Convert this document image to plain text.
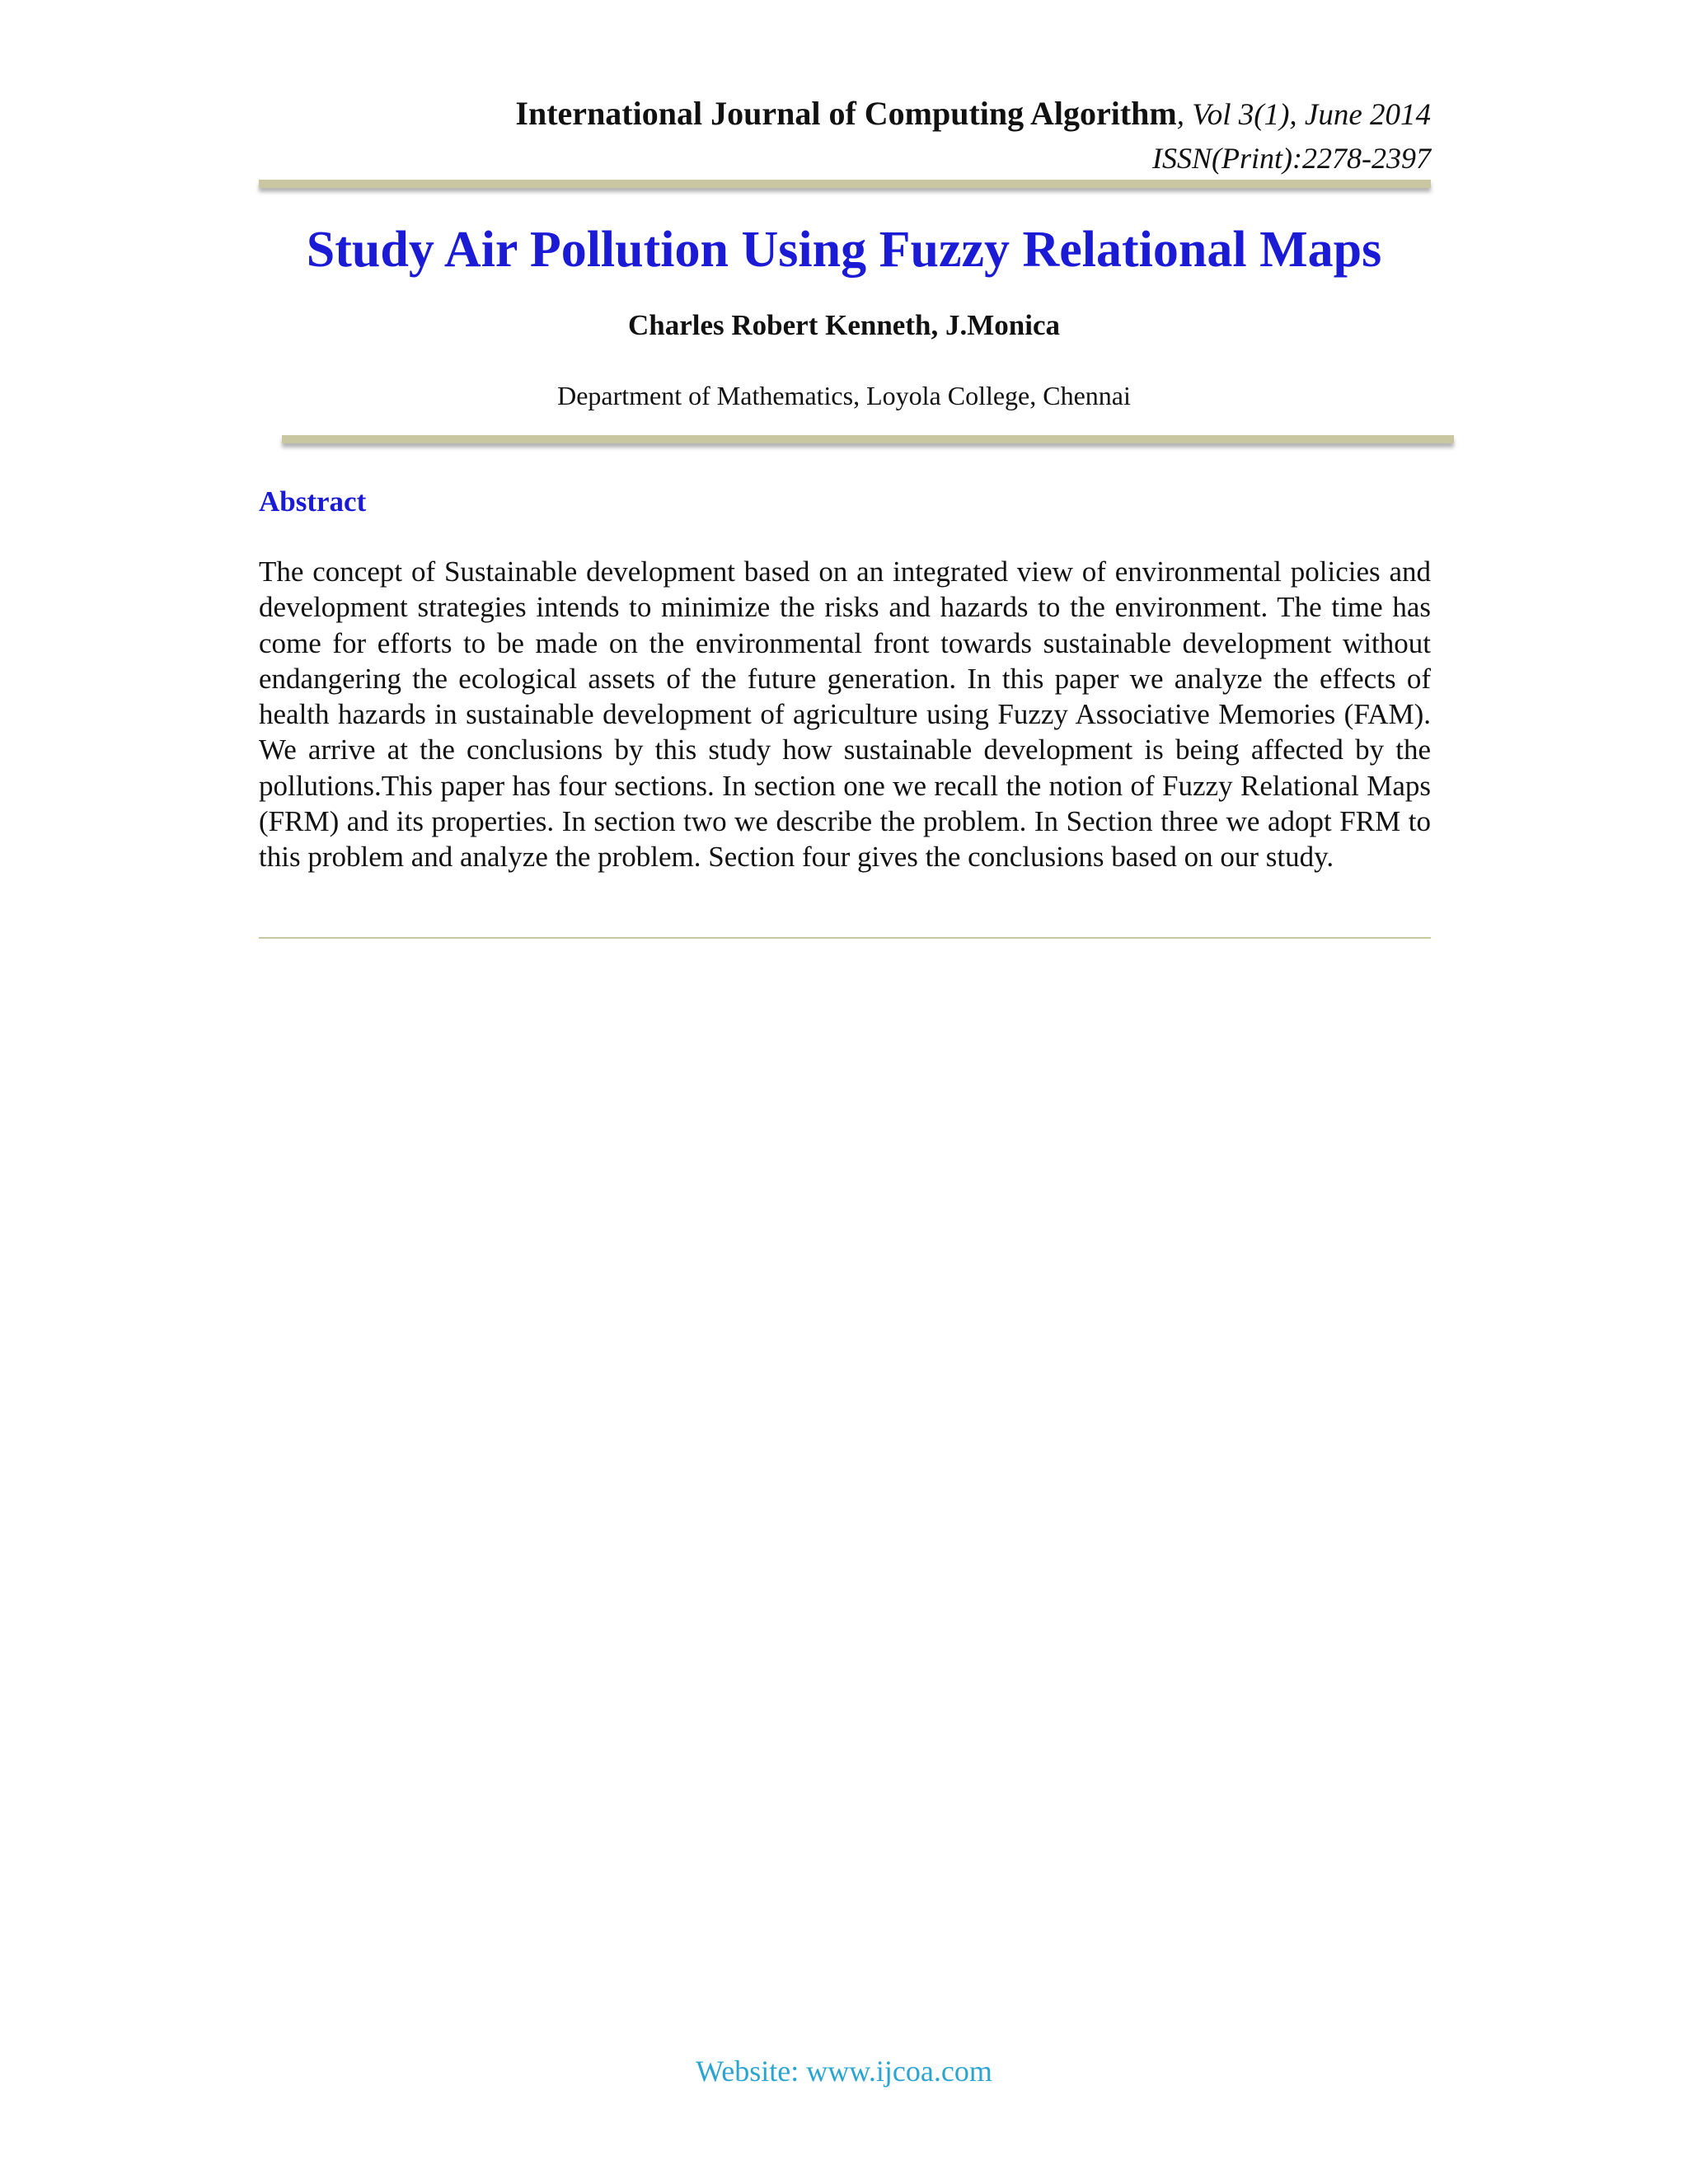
International Journal of Computing Algorithm, Vol 3(1), June 2014
ISSN(Print):2278-2397
Study Air Pollution Using Fuzzy Relational Maps
Charles Robert Kenneth, J.Monica
Department of Mathematics, Loyola College, Chennai
Abstract

The concept of Sustainable development based on an integrated view of environmental policies and development strategies intends to minimize the risks and hazards to the environment. The time has come for efforts to be made on the environmental front towards sustainable development without endangering the ecological assets of the future generation. In this paper we analyze the effects of health hazards in sustainable development of agriculture using Fuzzy Associative Memories (FAM). We arrive at the conclusions by this study how sustainable development is being affected by the pollutions.This paper has four sections. In section one we recall the notion of Fuzzy Relational Maps (FRM) and its properties. In section two we describe the problem. In Section three we adopt FRM to this problem and analyze the problem. Section four gives the conclusions based on our study.

Website: www.ijcoa.com
